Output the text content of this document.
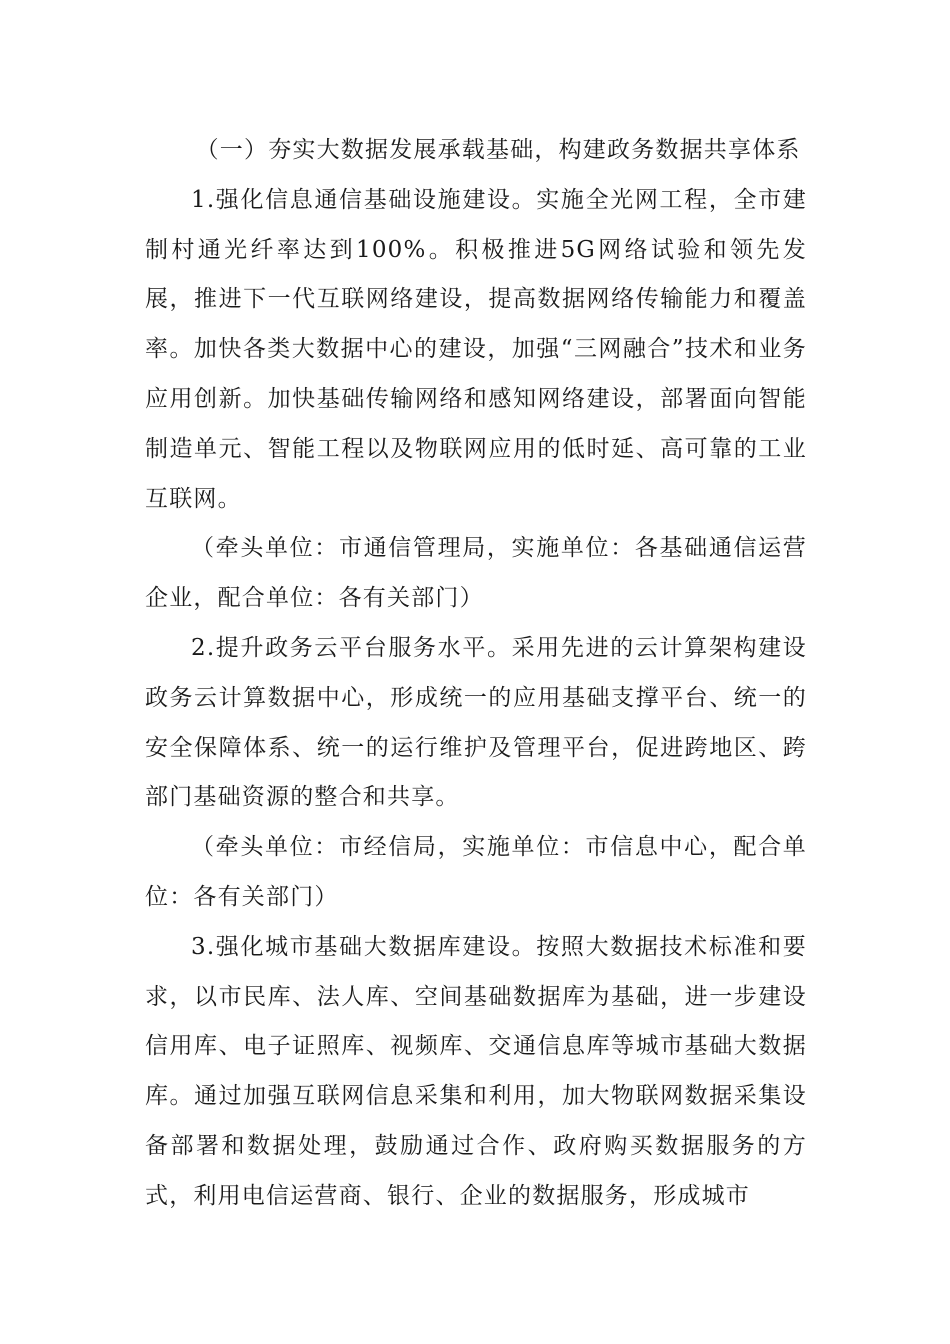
（一）夯实大数据发展承载基础，构建政务数据共享体系

1.强化信息通信基础设施建设。实施全光网工程，全市建制村通光纤率达到100%。积极推进5G网络试验和领先发展，推进下一代互联网络建设，提高数据网络传输能力和覆盖率。加快各类大数据中心的建设，加强“三网融合”技术和业务应用创新。加快基础传输网络和感知网络建设，部署面向智能制造单元、智能工程以及物联网应用的低时延、高可靠的工业互联网。

（牵头单位：市通信管理局，实施单位：各基础通信运营企业，配合单位：各有关部门）

2.提升政务云平台服务水平。采用先进的云计算架构建设政务云计算数据中心，形成统一的应用基础支撑平台、统一的安全保障体系、统一的运行维护及管理平台，促进跨地区、跨部门基础资源的整合和共享。

（牵头单位：市经信局，实施单位：市信息中心，配合单位：各有关部门）

3.强化城市基础大数据库建设。按照大数据技术标准和要求，以市民库、法人库、空间基础数据库为基础，进一步建设信用库、电子证照库、视频库、交通信息库等城市基础大数据库。通过加强互联网信息采集和利用，加大物联网数据采集设备部署和数据处理，鼓励通过合作、政府购买数据服务的方式，利用电信运营商、银行、企业的数据服务，形成城市
